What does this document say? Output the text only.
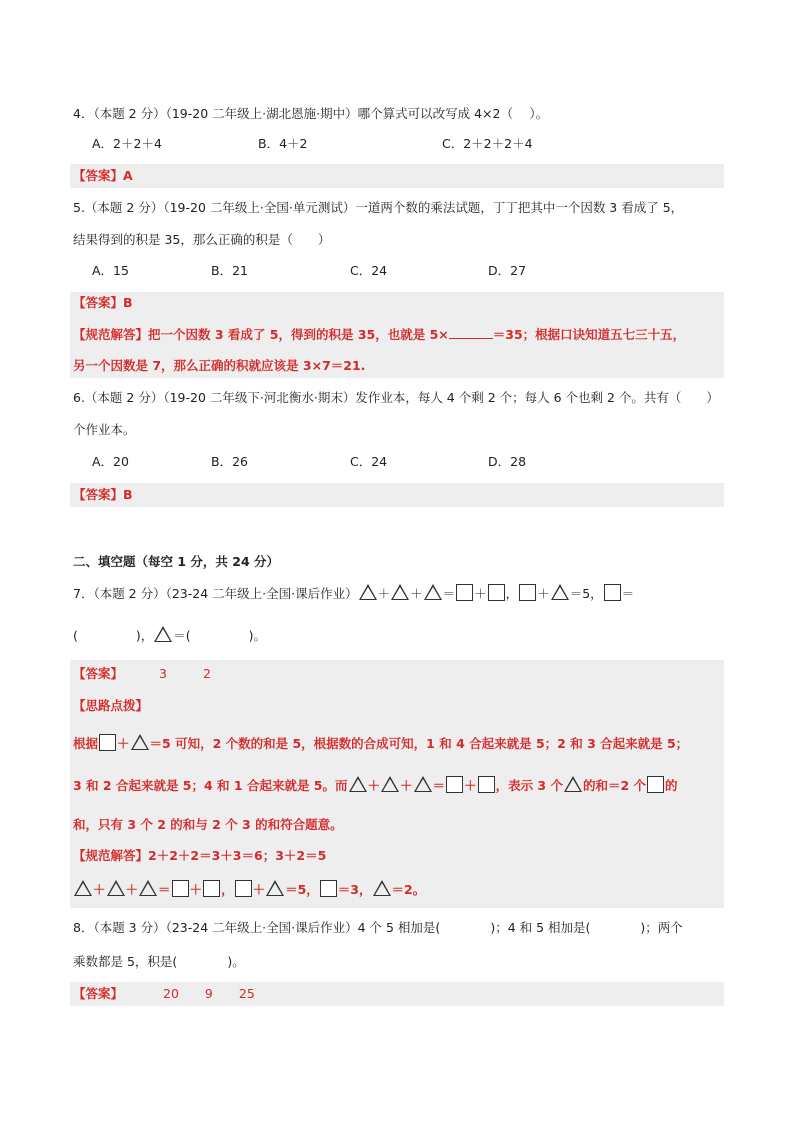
4．（本题 2 分）（19-20 二年级上·湖北恩施·期中）哪个算式可以改写成 4×2（　 ）。
A．2＋2＋4	B．4＋2	C．2＋2＋2＋4
【答案】A
5.（本题 2 分）（19-20 二年级上·全国·单元测试）一道两个数的乘法试题，丁丁把其中一个因数 3 看成了 5，
结果得到的积是 35，那么正确的积是（　　）
A．15	B．21	C．24	D．27
【答案】B
【规范解答】把一个因数 3 看成了 5，得到的积是 35，也就是 5×	＝35；根据口诀知道五七三十五，
另一个因数是 7，那么正确的积就应该是 3×7＝21.
6.（本题 2 分）（19-20 二年级下·河北衡水·期末）发作业本，每人 4 个剩 2 个；每人 6 个也剩 2 个。共有（　　）
个作业本。
A．20	B．26	C．24	D．28
【答案】B
二、填空题（每空 1 分，共 24 分）
7．（本题 2 分）（23-24 二年级上·全国·课后作业） ＋ ＋ ＝ ＋ ， ＋ ＝5， ＝
(	)， ＝(	)。
【答案】	3	2
【思路点拨】
根据 ＋ ＝5 可知，2 个数的和是 5，根据数的合成可知，1 和 4 合起来就是 5；2 和 3 合起来就是 5；
3 和 2 合起来就是 5；4 和 1 合起来就是 5。而 ＋ ＋ ＝ ＋ ，表示 3 个 的和＝2 个 的
和，只有 3 个 2 的和与 2 个 3 的和符合题意。
【规范解答】2＋2＋2＝3＋3＝6；3＋2＝5
＋ ＋ ＝ ＋ ， ＋ ＝5， ＝3， ＝2。
8．（本题 3 分）（23-24 二年级上·全国·课后作业）4 个 5 相加是(	)；4 和 5 相加是(	)；两个
乘数都是 5，积是(	)。
【答案】	20 9 25
